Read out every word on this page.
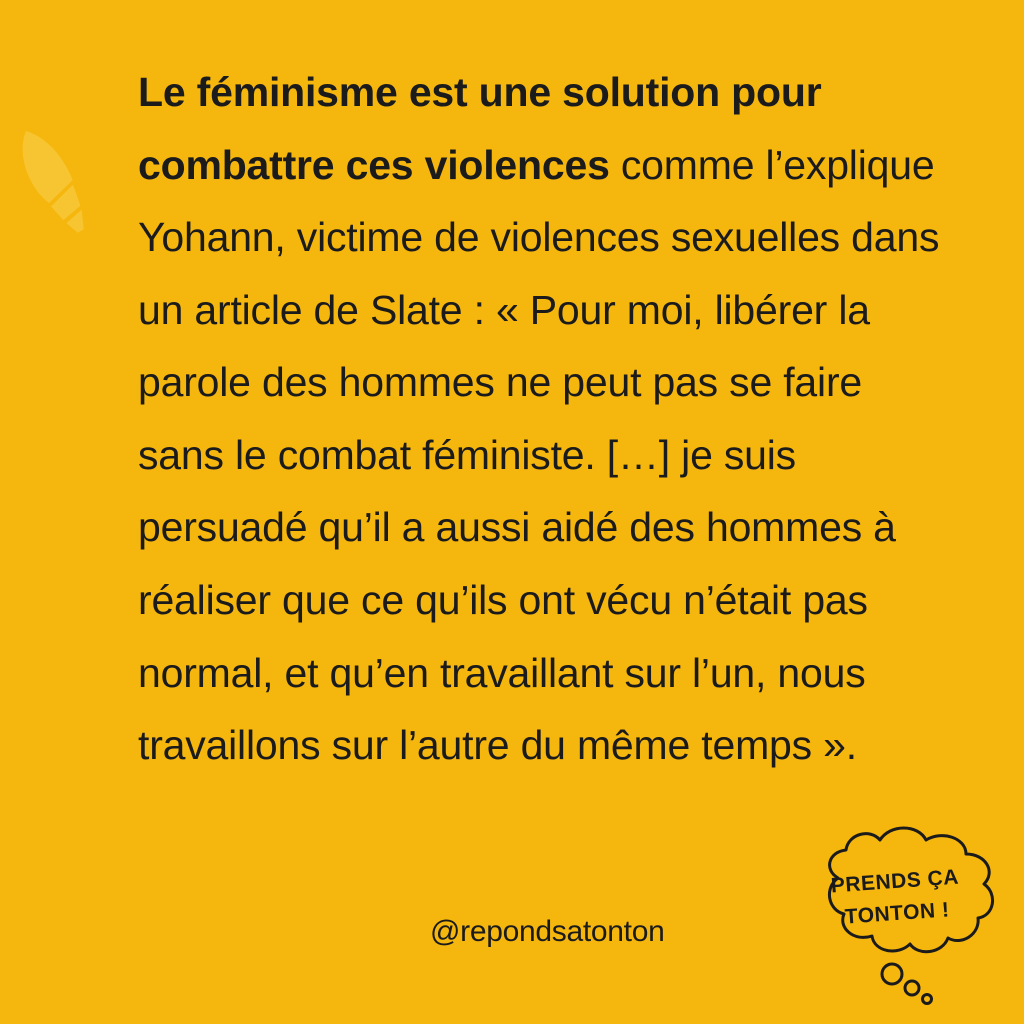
Le féminisme est une solution pour combattre ces violences comme l’explique Yohann, victime de violences sexuelles dans un article de Slate : « Pour moi, libérer la parole des hommes ne peut pas se faire sans le combat féministe. […] je suis persuadé qu’il a aussi aidé des hommes à réaliser que ce qu’ils ont vécu n’était pas normal, et qu’en travaillant sur l’un, nous travaillons sur l’autre du même temps ».

@repondsatonton
PRENDS ÇA
TONTON !
